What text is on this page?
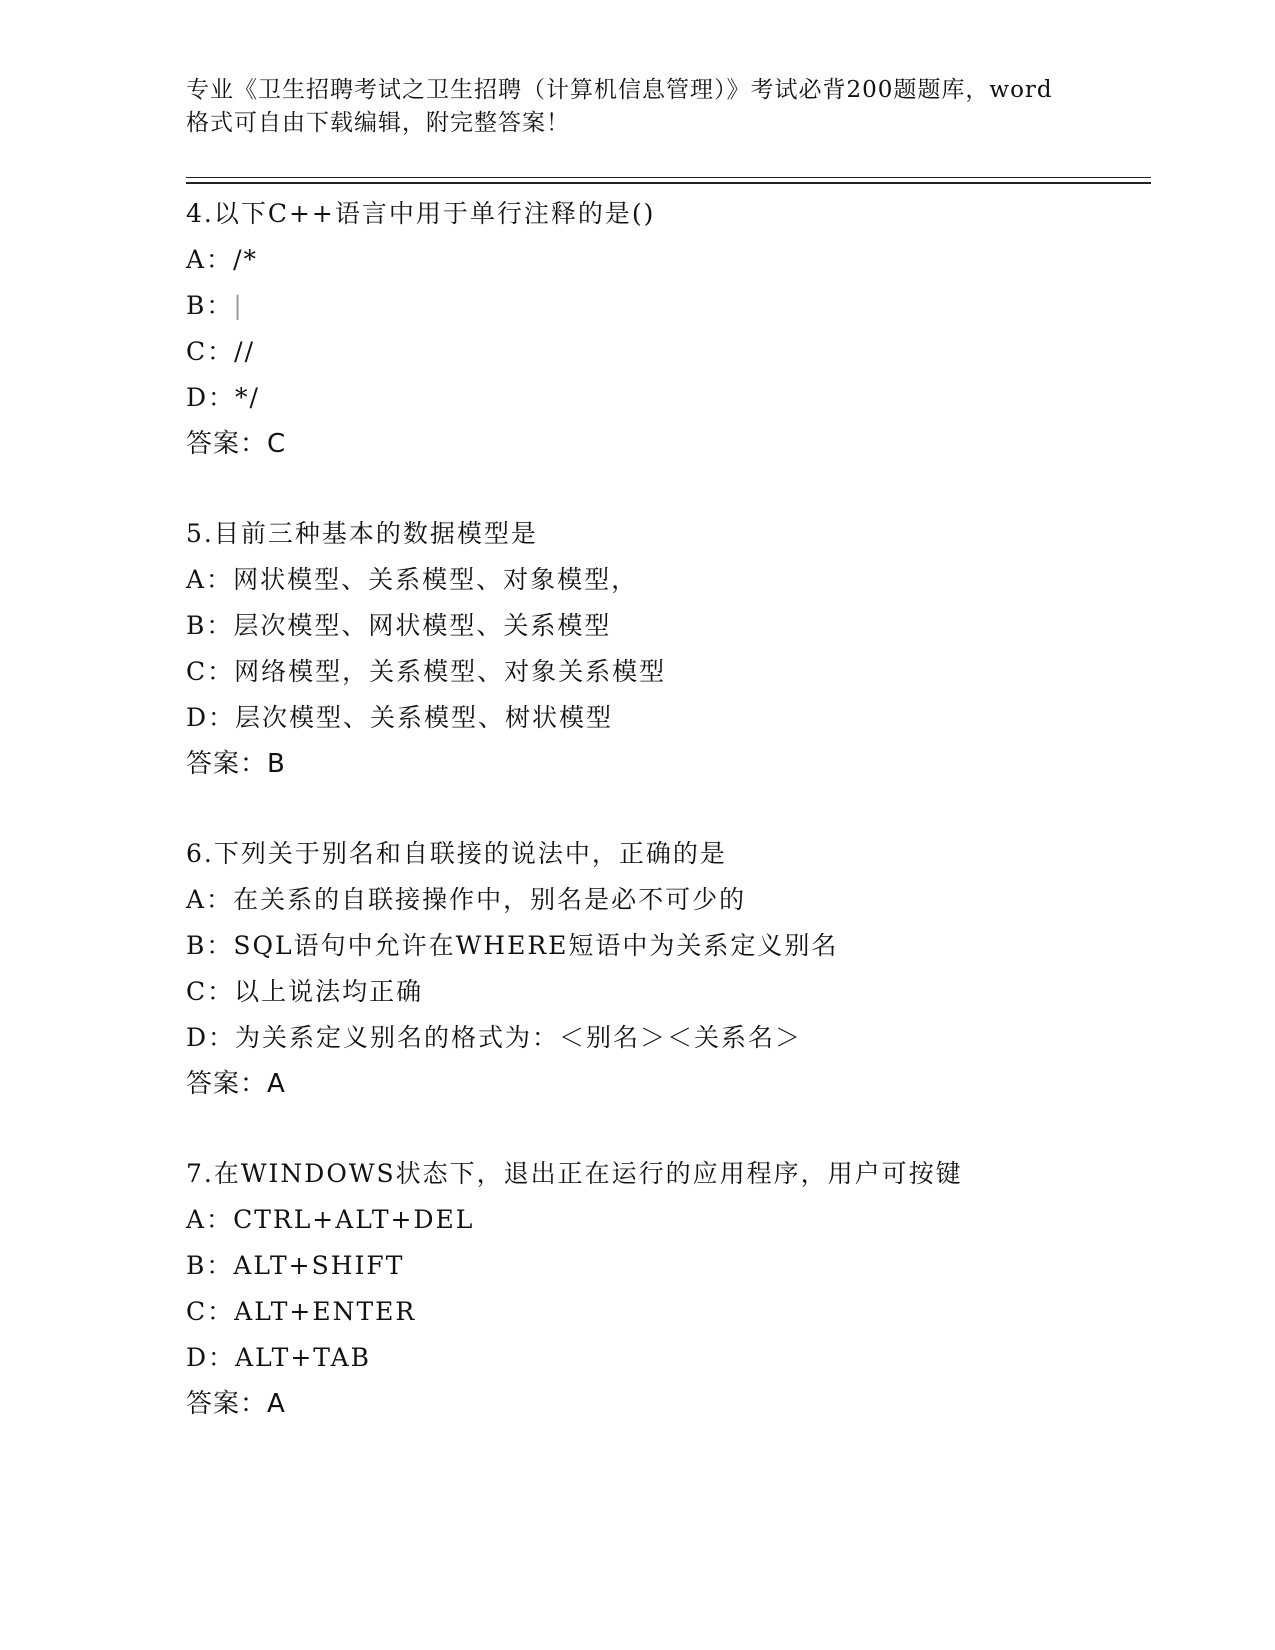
专业《卫生招聘考试之卫生招聘（计算机信息管理）》考试必背200题题库，word
格式可自由下载编辑，附完整答案！
4.以下C++语言中用于单行注释的是()
A：/*
B：|
C：//
D：*/
答案：C
5.目前三种基本的数据模型是
A：网状模型、关系模型、对象模型，
B：层次模型、网状模型、关系模型
C：网络模型，关系模型、对象关系模型
D：层次模型、关系模型、树状模型
答案：B
6.下列关于别名和自联接的说法中，正确的是
A：在关系的自联接操作中，别名是必不可少的
B：SQL语句中允许在WHERE短语中为关系定义别名
C：以上说法均正确
D：为关系定义别名的格式为：＜别名＞＜关系名＞
答案：A
7.在WINDOWS状态下，退出正在运行的应用程序，用户可按键
A：CTRL+ALT+DEL
B：ALT+SHIFT
C：ALT+ENTER
D：ALT+TAB
答案：A
